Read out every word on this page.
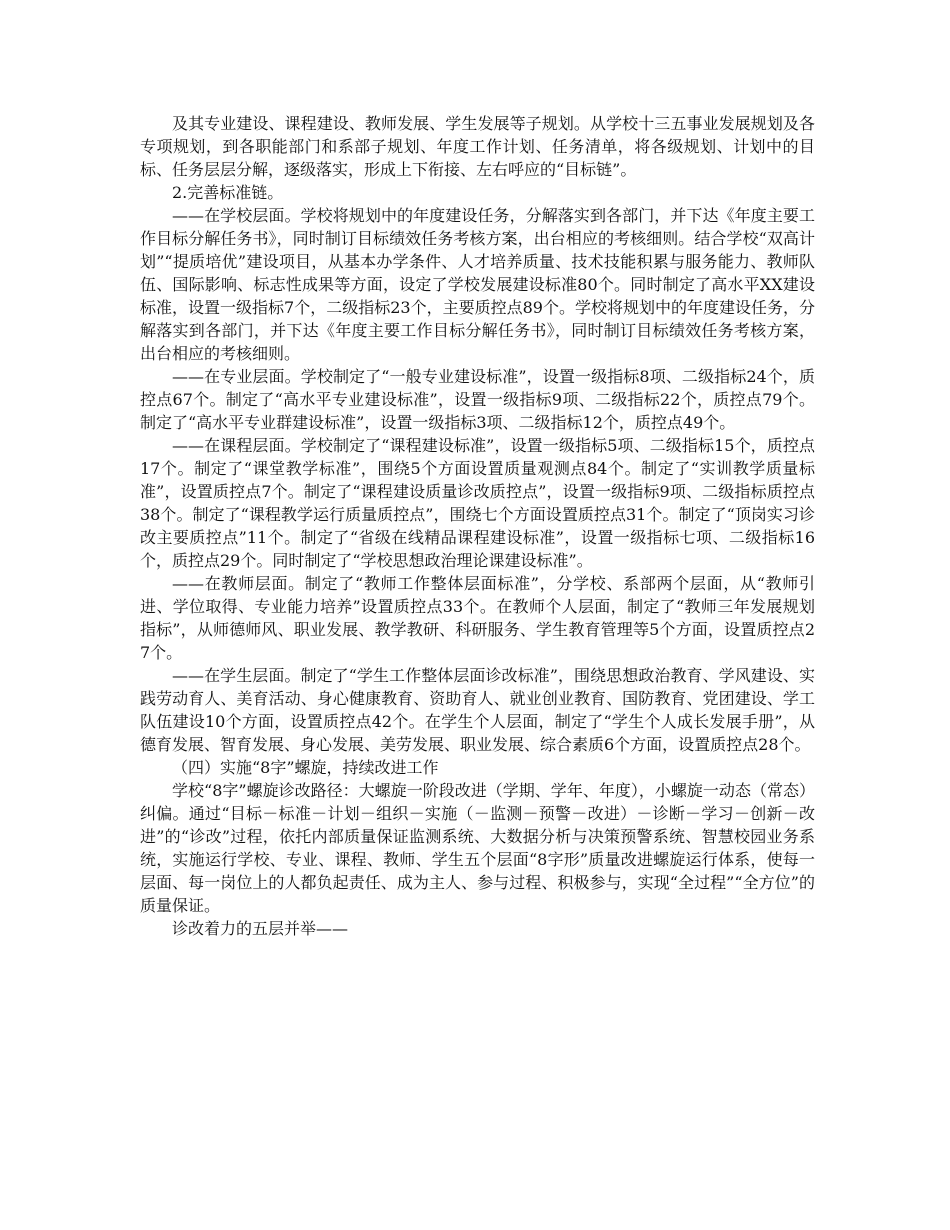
及其专业建设、课程建设、教师发展、学生发展等子规划。从学校十三五事业发展规划及各专项规划，到各职能部门和系部子规划、年度工作计划、任务清单，将各级规划、计划中的目标、任务层层分解，逐级落实，形成上下衔接、左右呼应的“目标链”。

2.完善标准链。

——在学校层面。学校将规划中的年度建设任务，分解落实到各部门，并下达《年度主要工作目标分解任务书》，同时制订目标绩效任务考核方案，出台相应的考核细则。结合学校“双高计划”“提质培优”建设项目，从基本办学条件、人才培养质量、技术技能积累与服务能力、教师队伍、国际影响、标志性成果等方面，设定了学校发展建设标准80个。同时制定了高水平XX建设标准，设置一级指标7个，二级指标23个，主要质控点89个。学校将规划中的年度建设任务，分解落实到各部门，并下达《年度主要工作目标分解任务书》，同时制订目标绩效任务考核方案，出台相应的考核细则。

——在专业层面。学校制定了“一般专业建设标准”，设置一级指标8项、二级指标24个，质控点67个。制定了“高水平专业建设标准”，设置一级指标9项、二级指标22个，质控点79个。制定了“高水平专业群建设标准”，设置一级指标3项、二级指标12个，质控点49个。

——在课程层面。学校制定了“课程建设标准”，设置一级指标5项、二级指标15个，质控点17个。制定了“课堂教学标准”，围绕5个方面设置质量观测点84个。制定了“实训教学质量标准”，设置质控点7个。制定了“课程建设质量诊改质控点”，设置一级指标9项、二级指标质控点38个。制定了“课程教学运行质量质控点”，围绕七个方面设置质控点31个。制定了“顶岗实习诊改主要质控点”11个。制定了“省级在线精品课程建设标准”，设置一级指标七项、二级指标16个，质控点29个。同时制定了“学校思想政治理论课建设标准”。

——在教师层面。制定了“教师工作整体层面标准”，分学校、系部两个层面，从“教师引进、学位取得、专业能力培养”设置质控点33个。在教师个人层面，制定了“教师三年发展规划指标”，从师德师风、职业发展、教学教研、科研服务、学生教育管理等5个方面，设置质控点27个。

——在学生层面。制定了“学生工作整体层面诊改标准”，围绕思想政治教育、学风建设、实践劳动育人、美育活动、身心健康教育、资助育人、就业创业教育、国防教育、党团建设、学工队伍建设10个方面，设置质控点42个。在学生个人层面，制定了“学生个人成长发展手册”，从德育发展、智育发展、身心发展、美劳发展、职业发展、综合素质6个方面，设置质控点28个。

（四）实施“8字”螺旋，持续改进工作

学校“8字”螺旋诊改路径：大螺旋一阶段改进（学期、学年、年度），小螺旋一动态（常态）纠偏。通过“目标－标准－计划－组织－实施（－监测－预警－改进）－诊断－学习－创新－改进”的“诊改”过程，依托内部质量保证监测系统、大数据分析与决策预警系统、智慧校园业务系统，实施运行学校、专业、课程、教师、学生五个层面“8字形”质量改进螺旋运行体系，使每一层面、每一岗位上的人都负起责任、成为主人、参与过程、积极参与，实现“全过程”“全方位”的质量保证。

诊改着力的五层并举——
